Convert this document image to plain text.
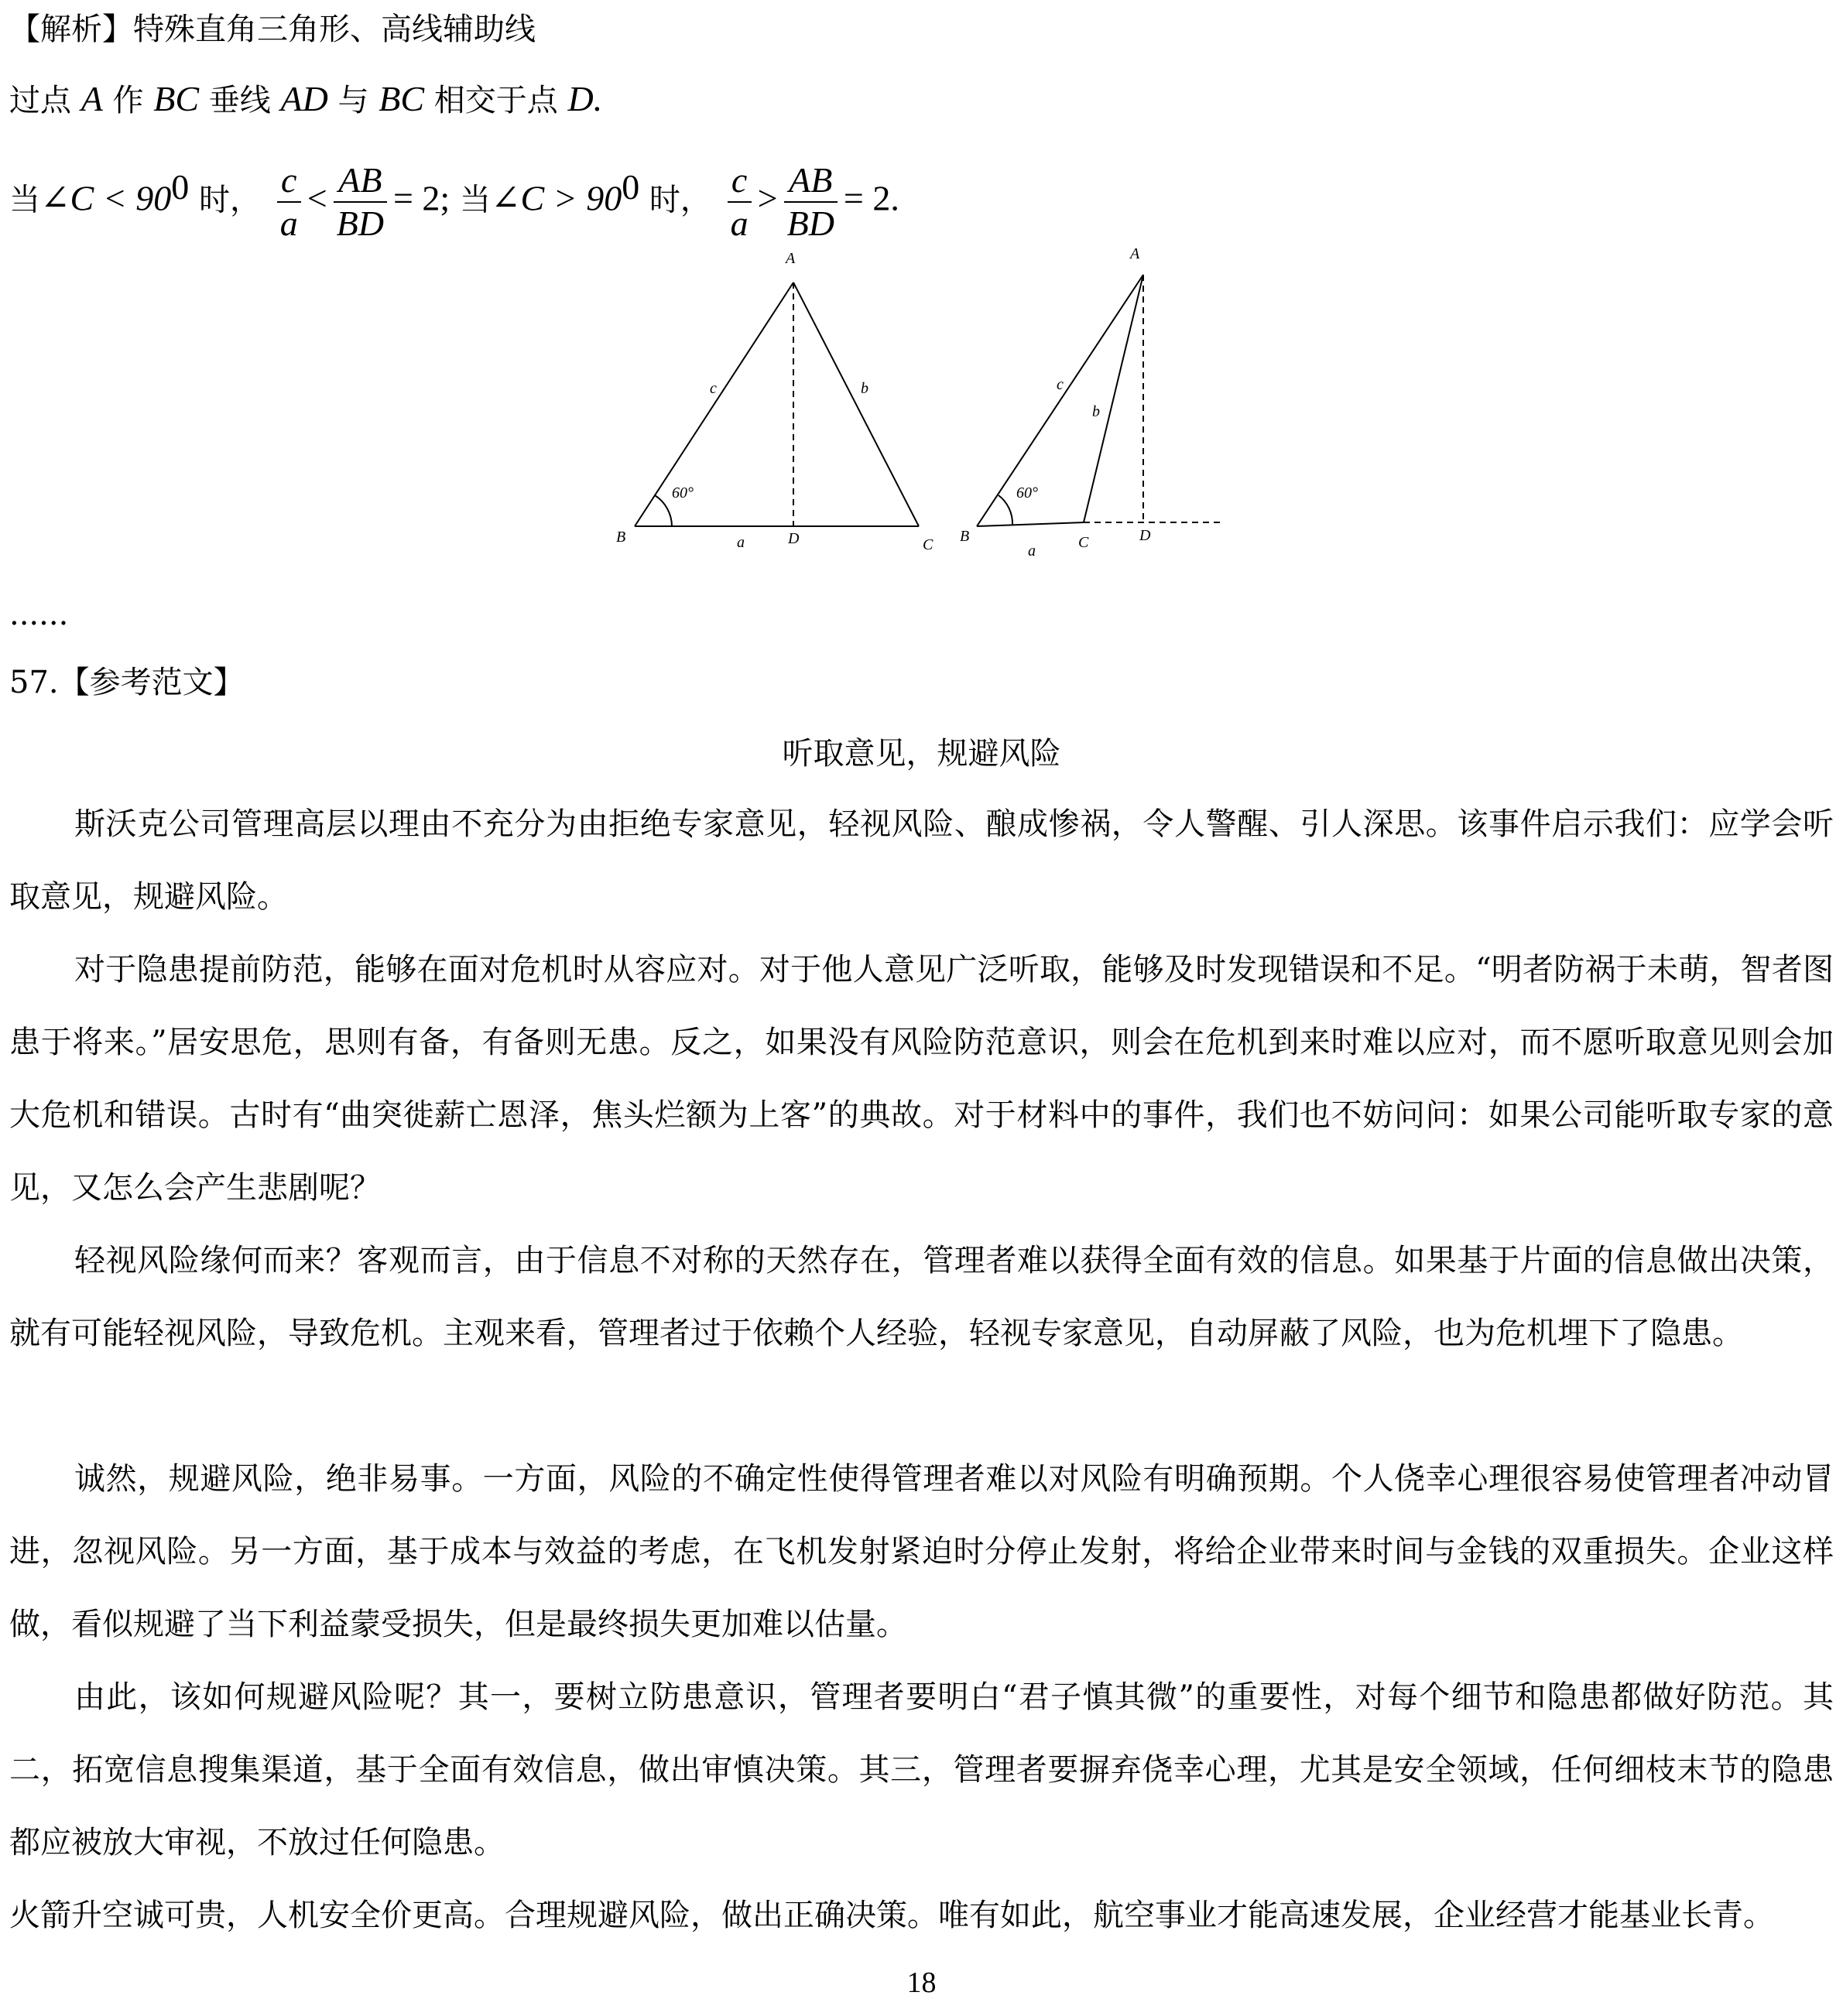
【解析】特殊直角三角形、高线辅助线
过点 A 作 BC 垂线 AD 与 BC 相交于点 D.
当∠C < $90^0$ 时， $\frac{c}{a} < \frac{AB}{BD} = 2$; 当∠C > $90^0$ 时， $\frac{c}{a} > \frac{AB}{BD} = 2$.
A
B	C
D
a
b
c
60°
A
B	C	D
a
b
c
60°
......
57.【参考范文】
听取意见，规避风险

斯沃克公司管理高层以理由不充分为由拒绝专家意见，轻视风险、酿成惨祸，令人警醒、引人深思。该事件启示我们：应学会听取意见，规避风险。

对于隐患提前防范，能够在面对危机时从容应对。对于他人意见广泛听取，能够及时发现错误和不足。“明者防祸于未萌，智者图患于将来。”居安思危，思则有备，有备则无患。反之，如果没有风险防范意识，则会在危机到来时难以应对，而不愿听取意见则会加大危机和错误。古时有“曲突徙薪亡恩泽，焦头烂额为上客”的典故。对于材料中的事件，我们也不妨问问：如果公司能听取专家的意见，又怎么会产生悲剧呢？

轻视风险缘何而来？客观而言，由于信息不对称的天然存在，管理者难以获得全面有效的信息。如果基于片面的信息做出决策，就有可能轻视风险，导致危机。主观来看，管理者过于依赖个人经验，轻视专家意见，自动屏蔽了风险，也为危机埋下了隐患。

诚然，规避风险，绝非易事。一方面，风险的不确定性使得管理者难以对风险有明确预期。个人侥幸心理很容易使管理者冲动冒进，忽视风险。另一方面，基于成本与效益的考虑，在飞机发射紧迫时分停止发射，将给企业带来时间与金钱的双重损失。企业这样做，看似规避了当下利益蒙受损失，但是最终损失更加难以估量。

由此，该如何规避风险呢？其一，要树立防患意识，管理者要明白“君子慎其微”的重要性，对每个细节和隐患都做好防范。其二，拓宽信息搜集渠道，基于全面有效信息，做出审慎决策。其三，管理者要摒弃侥幸心理，尤其是安全领域，任何细枝末节的隐患都应被放大审视，不放过任何隐患。

火箭升空诚可贵，人机安全价更高。合理规避风险，做出正确决策。唯有如此，航空事业才能高速发展，企业经营才能基业长青。

18
